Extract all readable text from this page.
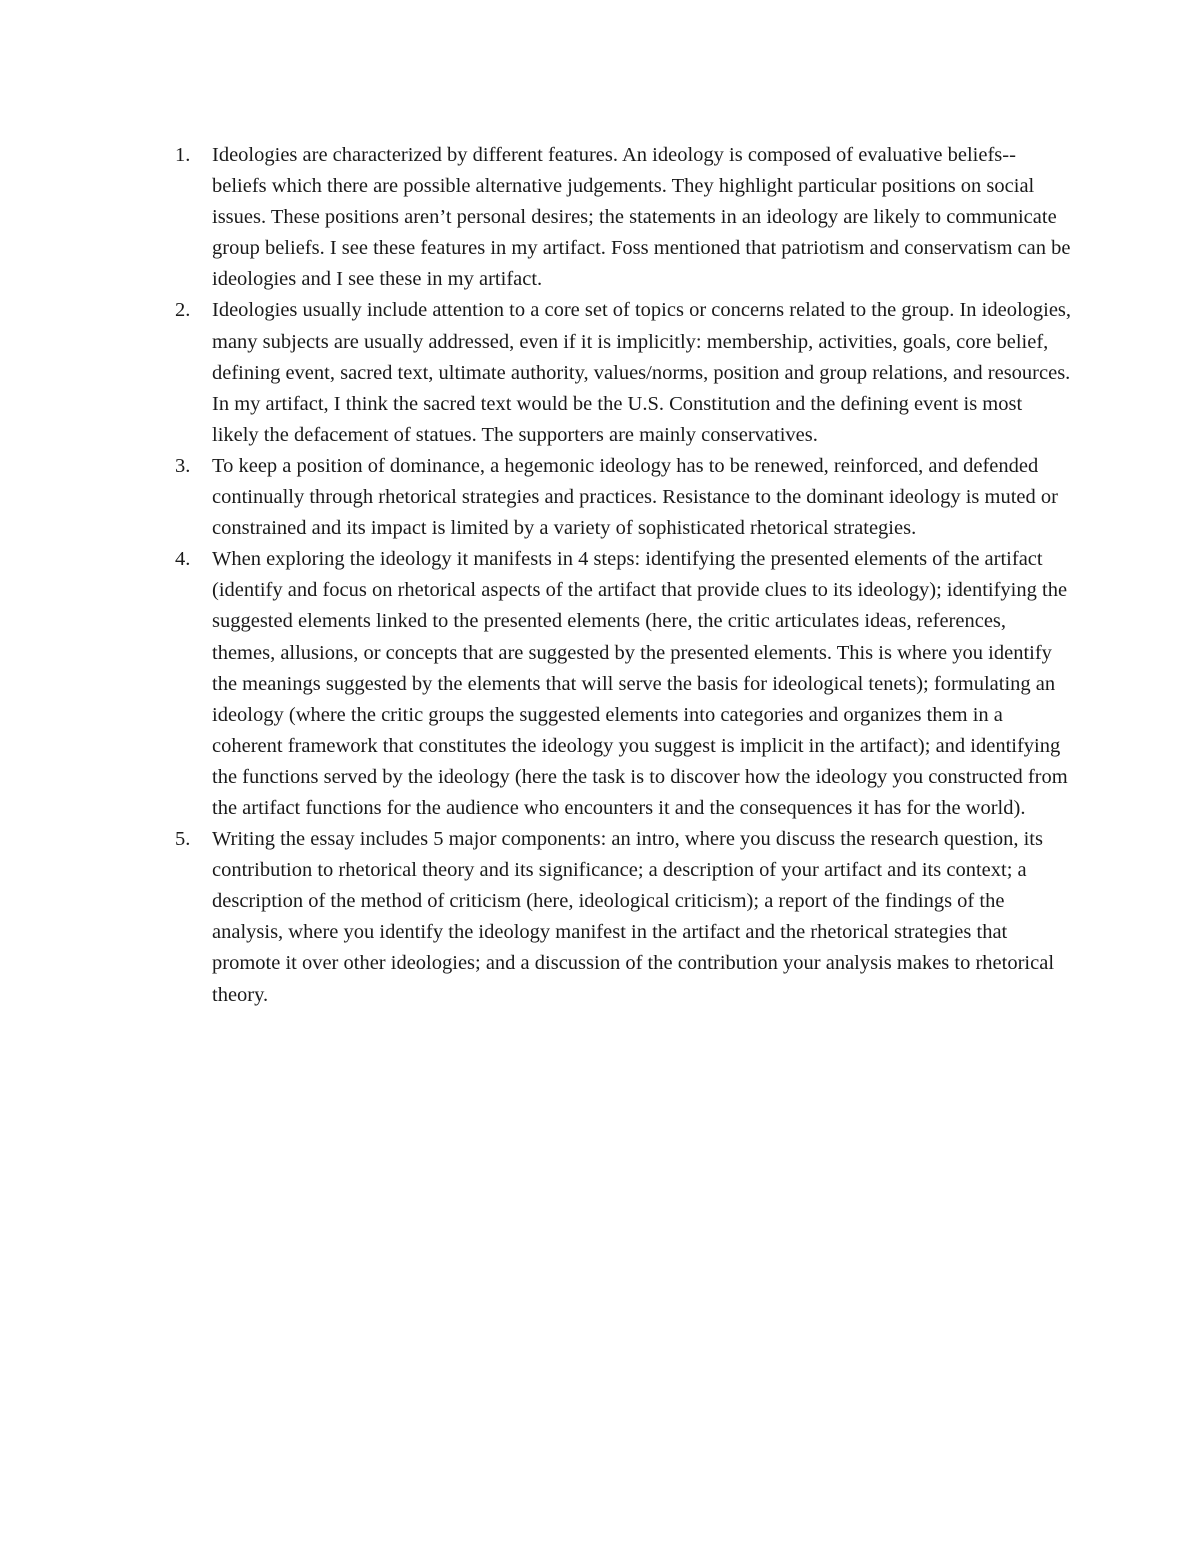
1. Ideologies are characterized by different features. An ideology is composed of evaluative beliefs-- beliefs which there are possible alternative judgements. They highlight particular positions on social issues. These positions aren’t personal desires; the statements in an ideology are likely to communicate group beliefs. I see these features in my artifact. Foss mentioned that patriotism and conservatism can be ideologies and I see these in my artifact.
2. Ideologies usually include attention to a core set of topics or concerns related to the group. In ideologies, many subjects are usually addressed, even if it is implicitly: membership, activities, goals, core belief, defining event, sacred text, ultimate authority, values/norms, position and group relations, and resources. In my artifact, I think the sacred text would be the U.S. Constitution and the defining event is most likely the defacement of statues. The supporters are mainly conservatives.
3. To keep a position of dominance, a hegemonic ideology has to be renewed, reinforced, and defended continually through rhetorical strategies and practices. Resistance to the dominant ideology is muted or constrained and its impact is limited by a variety of sophisticated rhetorical strategies.
4. When exploring the ideology it manifests in 4 steps: identifying the presented elements of the artifact (identify and focus on rhetorical aspects of the artifact that provide clues to its ideology); identifying the suggested elements linked to the presented elements (here, the critic articulates ideas, references, themes, allusions, or concepts that are suggested by the presented elements. This is where you identify the meanings suggested by the elements that will serve the basis for ideological tenets); formulating an ideology (where the critic groups the suggested elements into categories and organizes them in a coherent framework that constitutes the ideology you suggest is implicit in the artifact); and identifying the functions served by the ideology (here the task is to discover how the ideology you constructed from the artifact functions for the audience who encounters it and the consequences it has for the world).
5. Writing the essay includes 5 major components: an intro, where you discuss the research question, its contribution to rhetorical theory and its significance; a description of your artifact and its context; a description of the method of criticism (here, ideological criticism); a report of the findings of the analysis, where you identify the ideology manifest in the artifact and the rhetorical strategies that promote it over other ideologies; and a discussion of the contribution your analysis makes to rhetorical theory.
